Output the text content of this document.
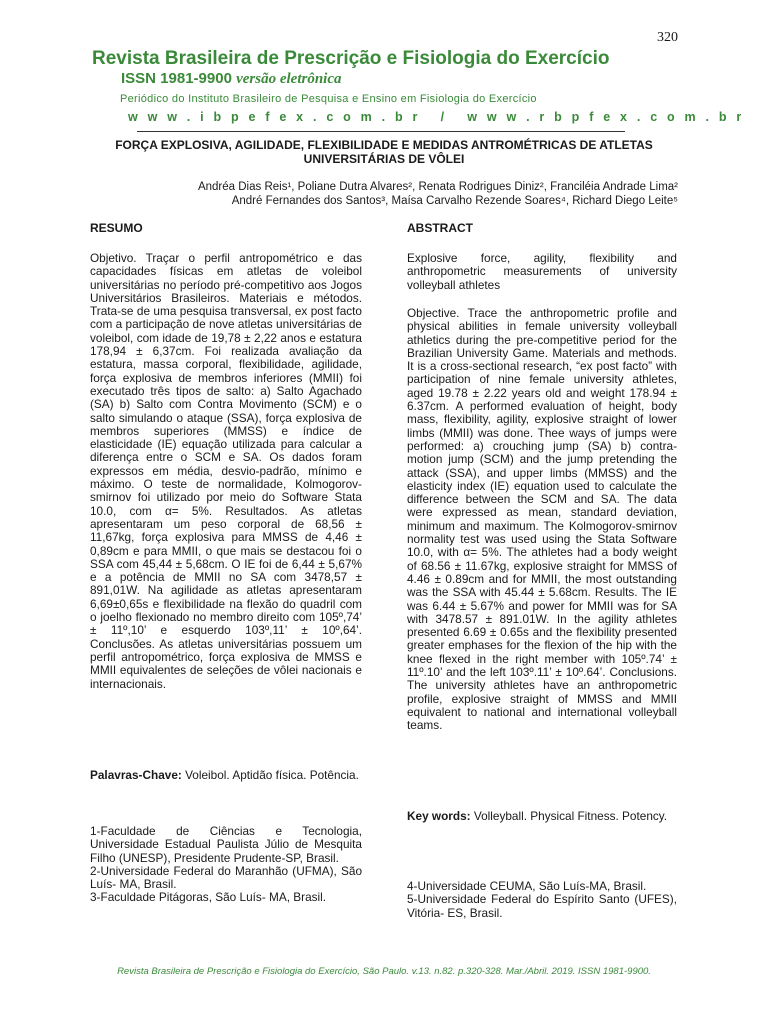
320
Revista Brasileira de Prescrição e Fisiologia do Exercício
ISSN 1981-9900 versão eletrônica
Periódico do Instituto Brasileiro de Pesquisa e Ensino em Fisiologia do Exercício
w w w . i b p e f e x . c o m . b r   /   w w w . r b p f e x . c o m . b r
FORÇA EXPLOSIVA, AGILIDADE, FLEXIBILIDADE E MEDIDAS ANTROMÉTRICAS DE ATLETAS
UNIVERSITÁRIAS DE VÔLEI
Andréa Dias Reis¹, Poliane Dutra Alvares², Renata Rodrigues Diniz², Franciléia Andrade Lima²
André Fernandes dos Santos³, Maísa Carvalho Rezende Soares⁴, Richard Diego Leite⁵
RESUMO

Objetivo. Traçar o perfil antropométrico e das capacidades físicas em atletas de voleibol universitárias no período pré-competitivo aos Jogos Universitários Brasileiros. Materiais e métodos. Trata-se de uma pesquisa transversal, ex post facto com a participação de nove atletas universitárias de voleibol, com idade de 19,78 ± 2,22 anos e estatura 178,94 ± 6,37cm. Foi realizada avaliação da estatura, massa corporal, flexibilidade, agilidade, força explosiva de membros inferiores (MMII) foi executado três tipos de salto: a) Salto Agachado (SA) b) Salto com Contra Movimento (SCM) e o salto simulando o ataque (SSA), força explosiva de membros superiores (MMSS) e índice de elasticidade (IE) equação utilizada para calcular a diferença entre o SCM e SA. Os dados foram expressos em média, desvio-padrão, mínimo e máximo. O teste de normalidade, Kolmogorov-smirnov foi utilizado por meio do Software Stata 10.0, com α= 5%. Resultados. As atletas apresentaram um peso corporal de 68,56 ± 11,67kg, força explosiva para MMSS de 4,46 ± 0,89cm e para MMII, o que mais se destacou foi o SSA com 45,44 ± 5,68cm. O IE foi de 6,44 ± 5,67% e a potência de MMII no SA com 3478,57 ± 891,01W. Na agilidade as atletas apresentaram 6,69±0,65s e flexibilidade na flexão do quadril com o joelho flexionado no membro direito com 105º,74’ ± 11º,10’ e esquerdo 103º,11’ ± 10º,64’. Conclusões. As atletas universitárias possuem um perfil antropométrico, força explosiva de MMSS e MMII equivalentes de seleções de vôlei nacionais e internacionais.

Palavras-Chave: Voleibol. Aptidão física. Potência.

1-Faculdade de Ciências e Tecnologia, Universidade Estadual Paulista Júlio de Mesquita Filho (UNESP), Presidente Prudente-SP, Brasil.

2-Universidade Federal do Maranhão (UFMA), São Luís- MA, Brasil.

3-Faculdade Pitágoras, São Luís- MA, Brasil.

ABSTRACT

Explosive force, agility, flexibility and anthropometric measurements of university volleyball athletes

Objective. Trace the anthropometric profile and physical abilities in female university volleyball athletics during the pre-competitive period for the Brazilian University Game. Materials and methods. It is a cross-sectional research, “ex post facto” with participation of nine female university athletes, aged 19.78 ± 2.22 years old and weight 178.94 ± 6.37cm. A performed evaluation of height, body mass, flexibility, agility, explosive straight of lower limbs (MMII) was done. Thee ways of jumps were performed: a) crouching jump (SA) b) contra-motion jump (SCM) and the jump pretending the attack (SSA), and upper limbs (MMSS) and the elasticity index (IE) equation used to calculate the difference between the SCM and SA. The data were expressed as mean, standard deviation, minimum and maximum. The Kolmogorov-smirnov normality test was used using the Stata Software 10.0, with α= 5%. The athletes had a body weight of 68.56 ± 11.67kg, explosive straight for MMSS of 4.46 ± 0.89cm and for MMII, the most outstanding was the SSA with 45.44 ± 5.68cm. Results. The IE was 6.44 ± 5.67% and power for MMII was for SA with 3478.57 ± 891.01W. In the agility athletes presented 6.69 ± 0.65s and the flexibility presented greater emphases for the flexion of the hip with the knee flexed in the right member with 105º.74’ ± 11º.10’ and the left 103º.11’ ± 10º.64’. Conclusions. The university athletes have an anthropometric profile, explosive straight of MMSS and MMII equivalent to national and international volleyball teams.

Key words: Volleyball. Physical Fitness. Potency.

4-Universidade CEUMA, São Luís-MA, Brasil.

5-Universidade Federal do Espírito Santo (UFES), Vitória- ES, Brasil.

Revista Brasileira de Prescrição e Fisiologia do Exercício, São Paulo. v.13. n.82. p.320-328. Mar./Abril. 2019. ISSN 1981-9900.
